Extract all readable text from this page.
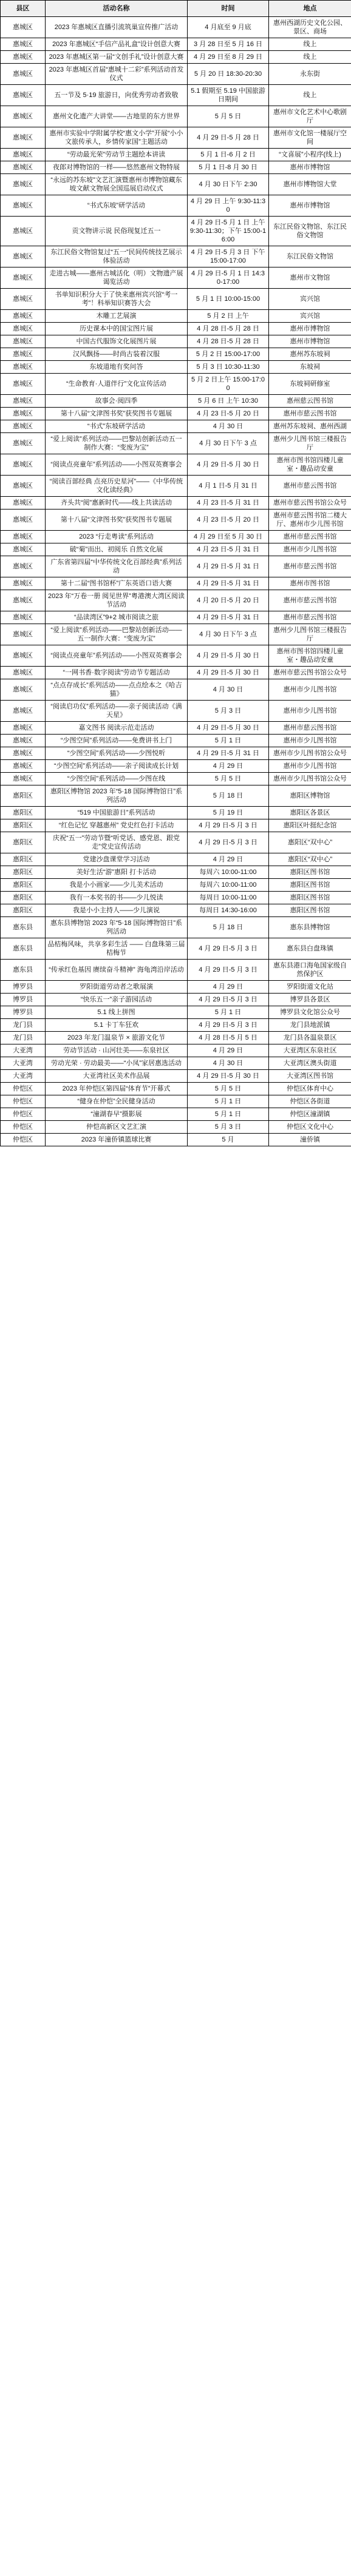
县区	活动名称	时间	地点
惠城区	2023 年惠城区直播引流筑巢宣传推广活动	4 月底至 9 月底	惠州西湖历史文化公园、景区、商场
惠城区	2023 年惠城区“手信产品礼盒”设计创意大赛	3 月 28 日至 5 月 16 日	线上
惠城区	2023 年惠城区第一届“文创手礼”设计创意大赛	4 月 29 日至 8 月 29 日	线上
惠城区	2023 年惠城区首届“惠城十二彩”系列活动首发仪式	5 月 20 日 18:30-20:30	永东街
惠城区	五一节及 5·19 旅游日，向优秀劳动者致敬	5.1 假期至 5.19 中国旅游日期间	线上
惠城区	惠州文化遗产大讲堂——古地里的东方世界	5 月 5 日	惠州市文化艺术中心歌剧厅
惠城区	惠州市实验中学附属学校“惠文小学”开展“小小文旅传承人，乡情传家国”主题活动	4 月 29 日-5 月 28 日	惠州市文化馆一楼展厅空间
惠城区	“劳动最光荣”劳动节主题绘本讲读	5 月 1 日-6 月 2 日	“文喜展”小程序(线上)
惠城区	夜郎对博物馆的一样——悠然惠州文物特展	5 月 1 日-8 月 30 日	惠州市博物馆
惠城区	“永远的苏东坡”文艺汇演暨惠州市博物馆藏东坡文献文物展全国巡展启动仪式	4 月 30 日下午 2:30	惠州市博物馆大堂
惠城区	“书式东坡”研学活动	4 月 29 日 上午 9:30-11:30	惠州市博物馆
惠城区	贡文物讲示说 民俗现复迁五一	4 月 29 日-5 月 1 日 上午 9:30-11:30；下午 15:00-16:00	东江民俗文物馆、东江民俗文物馆
惠城区	东江民俗文物馆复过“五一”民间传统技艺展示体验活动	4 月 29 日-5 月 3 日 下午 15:00-17:00	东江民俗文物馆
惠城区	走进古城——惠州古城活化（明）文物遗产展 谒览活动	4 月 29 日-5 月 1 日 14:30-17:00	惠州市文物馆
惠城区	书单知识积分大于了快来惠州宾兴馆“考一考”！科举知识赛答大会	5 月 1 日 10:00-15:00	宾兴馆
惠城区	木雕工艺展演	5 月 2 日 上午	宾兴馆
惠城区	历史课本中的国宝图片展	4 月 28 日-5 月 28 日	惠州市博物馆
惠城区	中国古代服饰文化展图片展	4 月 28 日-5 月 28 日	惠州市博物馆
惠城区	汉风飘扬——时尚古装着汉服	5 月 2 日 15:00-17:00	惠州苏东坡祠
惠城区	东坡道地有奖问答	5 月 3 日 10:30-11:30	东坡祠
惠城区	“生命教育·人道伴行”文化宣传活动	5 月 2 日上午 15:00-17:00	东坡祠研修室
惠城区	故事会·阅四季	5 月 6 日 上午 10:30	惠州慈云图书馆
惠城区	第十八届“文津图书奖”获奖图书专题展	4 月 23 日-5 月 20 日	惠州市慈云图书馆
惠城区	“书式”东坡研学活动	4 月 30 日	惠州苏东坡祠、惠州西湖
惠城区	“爱上阅读”系列活动——巴黎站创新活动五一制作大赛：“变废为宝”	4 月 30 日下午 3 点	惠州少儿图书馆三楼报告厅
惠城区	“阅读点亮童年”系列活动——小图双英赛事会	4 月 29 日-5 月 30 日	惠州市图书馆四楼儿童室・趣品动安童
惠城区	“阅读百部经典 点亮历史星河”——《中华传统文化读经典》	4 月 1 日-5 月 31 日	惠州市慈云图书馆
惠城区	齐头共“阅”惠新时代——线上共读活动	4 月 23 日-5 月 31 日	惠州市慈云图书馆公众号
惠城区	第十八届“文津图书奖”获奖图书专题展	4 月 23 日-5 月 20 日	惠州市慈云图书馆二楼大厅、惠州市少儿图书馆
惠城区	2023 “行走粤读”系列活动	4 月 29 日至 5 月 30 日	惠州市慈云图书馆
惠城区	破“菊”而出、初阅乐 自然文化展	4 月 23 日-5 月 31 日	惠州市少儿图书馆
惠城区	广东省第四届“中华传统文化百部经典”系列活动	4 月 29 日-5 月 31 日	惠州市慈云图书馆
惠城区	第十二届“图书馆杯”广东英语口语大赛	4 月 29 日-5 月 31 日	惠州市图书馆
惠城区	2023 年“万卷一册 阅见世界”粤港澳大湾区阅读节活动	4 月 20 日-5 月 20 日	惠州市慈云图书馆
惠城区	“品读湾区”9+2 城市阅读之旅	4 月 29 日-5 月 31 日	惠州市慈云图书馆
惠城区	“爱上阅读”系列活动——巴黎站创新活动——五一制作大赛：“变废为宝”	4 月 30 日下午 3 点	惠州少儿图书馆三楼报告厅
惠城区	“阅读点亮童年”系列活动——小图双英赛事会	4 月 29 日-5 月 30 日	惠州市图书馆四楼儿童室・趣品动安童
惠城区	“一网书香·数字阅读”劳动节专题活动	4 月 29 日-5 月 30 日	惠州市慈云图书馆公众号
惠城区	“点点存成长”系列活动——点点绘本之《哈吉猫》	4 月 30 日	惠州市少儿图书馆
惠城区	“阅读启功仪”系列活动——亲子阅读活动《满天星》	5 月 3 日	惠州市少儿图书馆
惠城区	嘉文图书 阅读示范走活动	4 月 29 日-5 月 30 日	惠州市慈云图书馆
惠城区	“少图空间”系列活动——免费讲书上门	5 月 1 日	惠州市少儿图书馆
惠城区	“少图空间”系列活动——少图悦听	4 月 29 日-5 月 31 日	惠州市少儿图书馆公众号
惠城区	“少图空间”系列活动——亲子阅读成长计划	4 月 29 日	惠州市少儿图书馆
惠城区	“少图空间”系列活动——少图在线	5 月 5 日	惠州市少儿图书馆公众号
惠阳区	惠阳区博物馆 2023 年“5·18 国际博物馆日”系列活动	5 月 18 日	惠阳区博物馆
惠阳区	“519 中国旅游日”系列活动	5 月 19 日	惠阳区各景区
惠阳区	“红色记忆 穿越惠州” 党史红色打卡活动	4 月 29 日-5 月 3 日	惠阳区叶挺纪念馆
惠阳区	庆祝“五一”劳动节暨“听党话、感党恩、跟党走”党史宣传活动	4 月 29 日-5 月 3 日	惠阳区“双中心”
惠阳区	党建沙盘课堂学习活动	4 月 29 日	惠阳区“双中心”
惠阳区	美好生活“游”惠阳 打卡活动	每周六 10:00-11:00	惠阳区图书馆
惠阳区	我是小小画家——少儿美术活动	每周六 10:00-11:00	惠阳区图书馆
惠阳区	我有一本奖书的书——少儿悦读	每周日 10:00-11:00	惠阳区图书馆
惠阳区	我是小小主持人——少儿演说	每周日 14:30-16:00	惠阳区图书馆
惠东县	惠东县博物馆 2023 年“5·18 国际博物馆日”系列活动	5 月 18 日	惠东县博物馆
惠东县	品桔梅风味，共享多彩生活 —— 白盘珠第三届桔梅节	4 月 29 日-5 月 3 日	惠东县白盘珠镇
惠东县	“传承红色基因 赓续奋斗精神” 海龟湾沿岸活动	4 月 29 日-5 月 3 日	惠东县港口海龟国家级自然保护区
博罗县	罗阳街道劳动者之歌展演	4 月 29 日	罗阳街道文化站
博罗县	“快乐五一”亲子游园活动	4 月 29 日-5 月 3 日	博罗县各景区
博罗县	5.1 线上拼图	5 月 1 日	博罗县文化馆公众号
龙门县	5.1 卡丁车狂欢	4 月 29 日-5 月 3 日	龙门县地派镇
龙门县	2023 年龙门温泉节 × 旅游文化节	4 月 28 日-5 月 5 日	龙门县各温泉景区
大亚湾	劳动节活动 · 山河壮美——东泉社区	4 月 29 日	大亚湾区东泉社区
大亚湾	劳动光荣 · 劳动最美——“小凤”家居惠选活动	4 月 30 日	大亚湾区澳头街道
大亚湾	大亚湾社区美术作品展	4 月 29 日-5 月 30 日	大亚湾区图书馆
仲恺区	2023 年仲恺区第四届“体育节”开幕式	5 月 5 日	仲恺区体育中心
仲恺区	“健身在仲恺”全民健身活动	5 月 1 日	仲恺区各街道
仲恺区	“潼湖春早”摄影展	5 月 1 日	仲恺区潼湖镇
仲恺区	仲恺高新区文艺汇演	5 月 3 日	仲恺区文化中心
仲恺区	2023 年潼侨镇篮球比赛	5 月	潼侨镇
